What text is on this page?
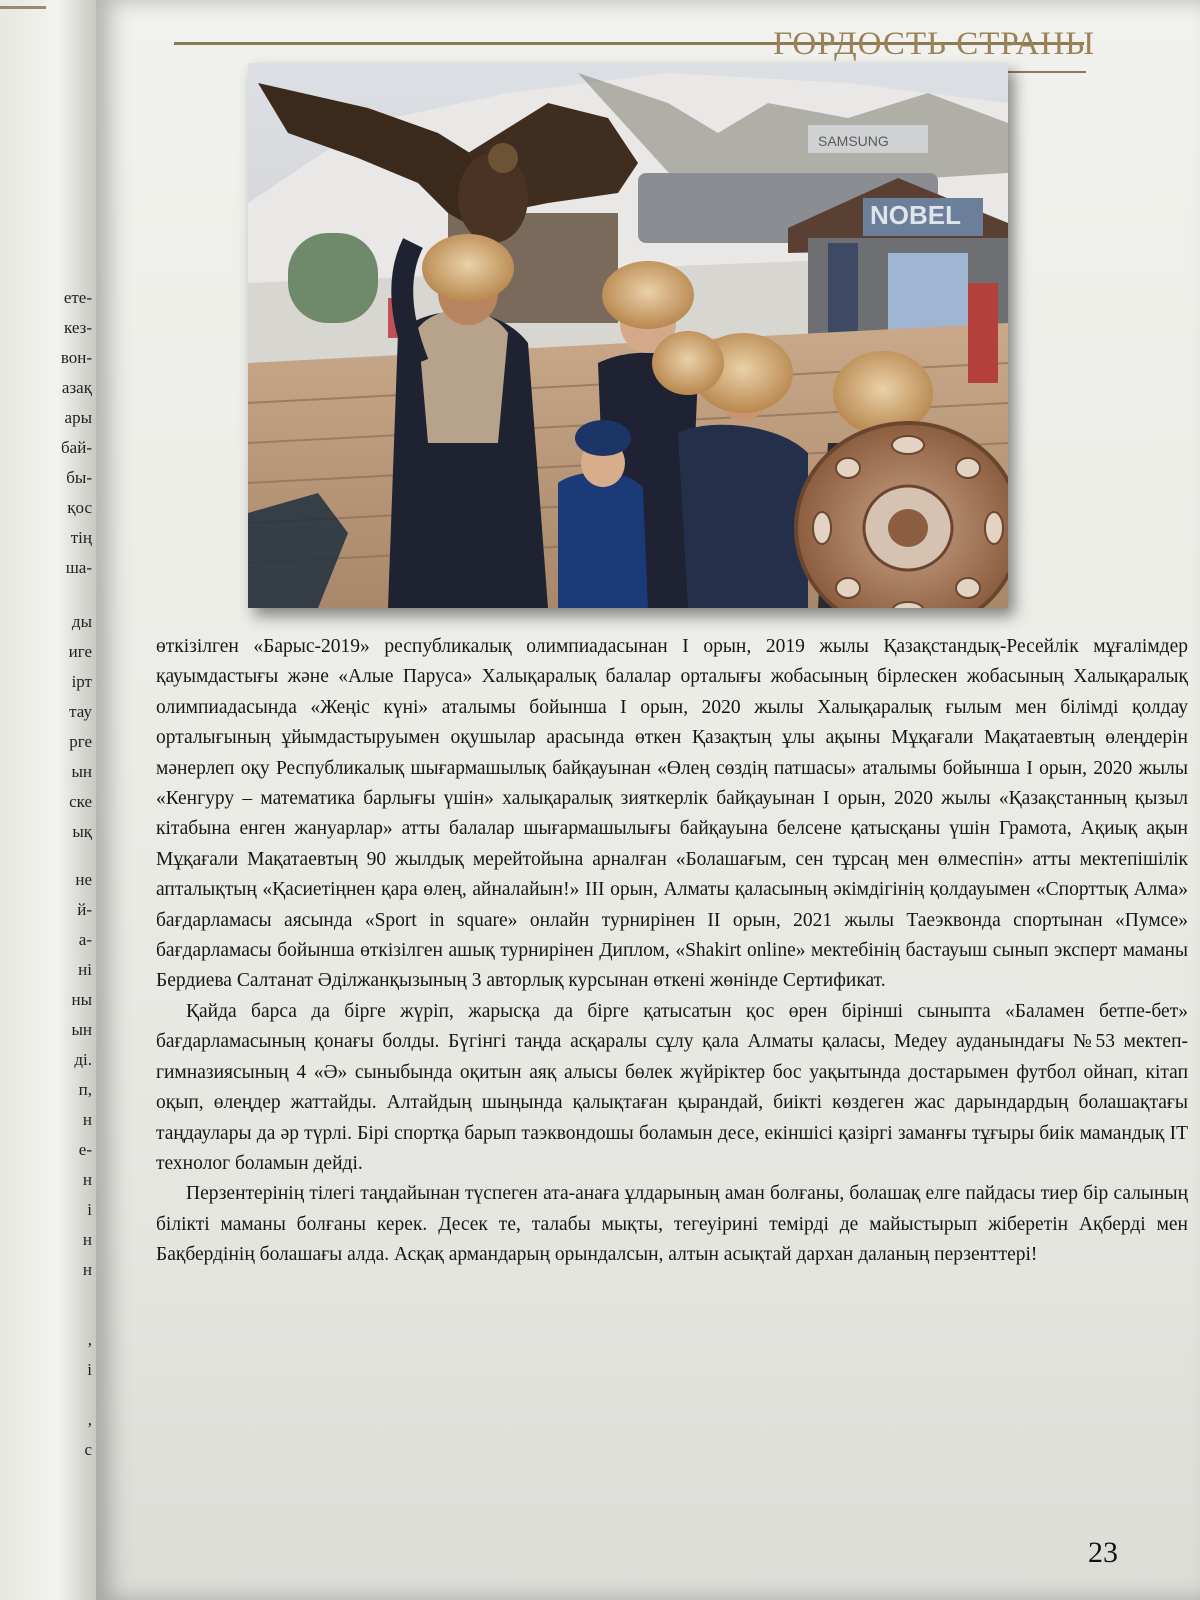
ете-
кез-
вон-
азақ
ары
бай-
бы-
қос
тің
ша-
ды
иге
ірт
тау
рге
ын
ске
ық
не
й-
а-
ні
ны
ын
ді.
п,
н
е-
н
і
н
н
,
і
,
с
ГОРДОСТЬ СТРАНЫ
SAMSUNG
NOBEL

өткізілген «Барыс-2019» республикалық олимпиадасынан І орын, 2019 жылы Қазақстандық-Ресейлік мұғалімдер қауымдастығы және «Алые Паруса» Халықаралық балалар орталығы жобасының бірлескен жобасының Халықаралық олимпиадасында «Жеңіс күні» аталымы бойынша І орын, 2020 жылы Халықаралық ғылым мен білімді қолдау орталығының ұйымдастыруымен оқушылар арасында өткен Қазақтың ұлы ақыны Мұқағали Мақатаевтың өлеңдерін мәнерлеп оқу Республикалық шығармашылық байқауынан «Өлең сөздің патшасы» аталымы бойынша І орын, 2020 жылы «Кенгуру – математика барлығы үшін» халықаралық зияткерлік байқауынан І орын, 2020 жылы «Қазақстанның қызыл кітабына енген жануарлар» атты балалар шығармашылығы байқауына белсене қатысқаны үшін Грамота, Ақиық ақын Мұқағали Мақатаевтың 90 жылдық мерейтойына арналған «Болашағым, сен тұрсаң мен өлмеспін» атты мектепішілік апталықтың «Қасиетіңнен қара өлең, айналайын!» ІІІ орын, Алматы қаласының әкімдігінің қолдауымен «Спорттық Алма» бағдарламасы аясында «Sport in square» онлайн турнирінен ІІ орын, 2021 жылы Таеэквонда спортынан «Пумсе» бағдарламасы бойынша өткізілген ашық турнирінен Диплом, «Shakirt online» мектебінің бастауыш сынып эксперт маманы Бердиева Салтанат Әділжанқызының 3 авторлық курсынан өткені жөнінде Сертификат.

Қайда барса да бірге жүріп, жарысқа да бірге қатысатын қос өрен бірінші сыныпта «Баламен бетпе-бет» бағдарламасының қонағы болды. Бүгінгі таңда асқаралы сұлу қала Алматы қаласы, Медеу ауданындағы №53 мектеп-гимназиясының 4 «Ә» сыныбында оқитын аяқ алысы бөлек жүйріктер бос уақытында достарымен футбол ойнап, кітап оқып, өлеңдер жаттайды. Алтайдың шыңында қалықтаған қырандай, биікті көздеген жас дарындардың болашақтағы таңдаулары да әр түрлі. Бірі спортқа барып таэквондошы боламын десе, екіншісі қазіргі заманғы тұғыры биік мамандық ІТ технолог боламын дейді.

Перзентерінің тілегі таңдайынан түспеген ата-анаға ұлдарының аман болғаны, болашақ елге пайдасы тиер бір салының білікті маманы болғаны керек. Десек те, талабы мықты, тегеуірині темірді де майыстырып жіберетін Ақберді мен Бақбердінің болашағы алда. Асқақ армандарың орындалсын, алтын асықтай дархан даланың перзенттері!

23
